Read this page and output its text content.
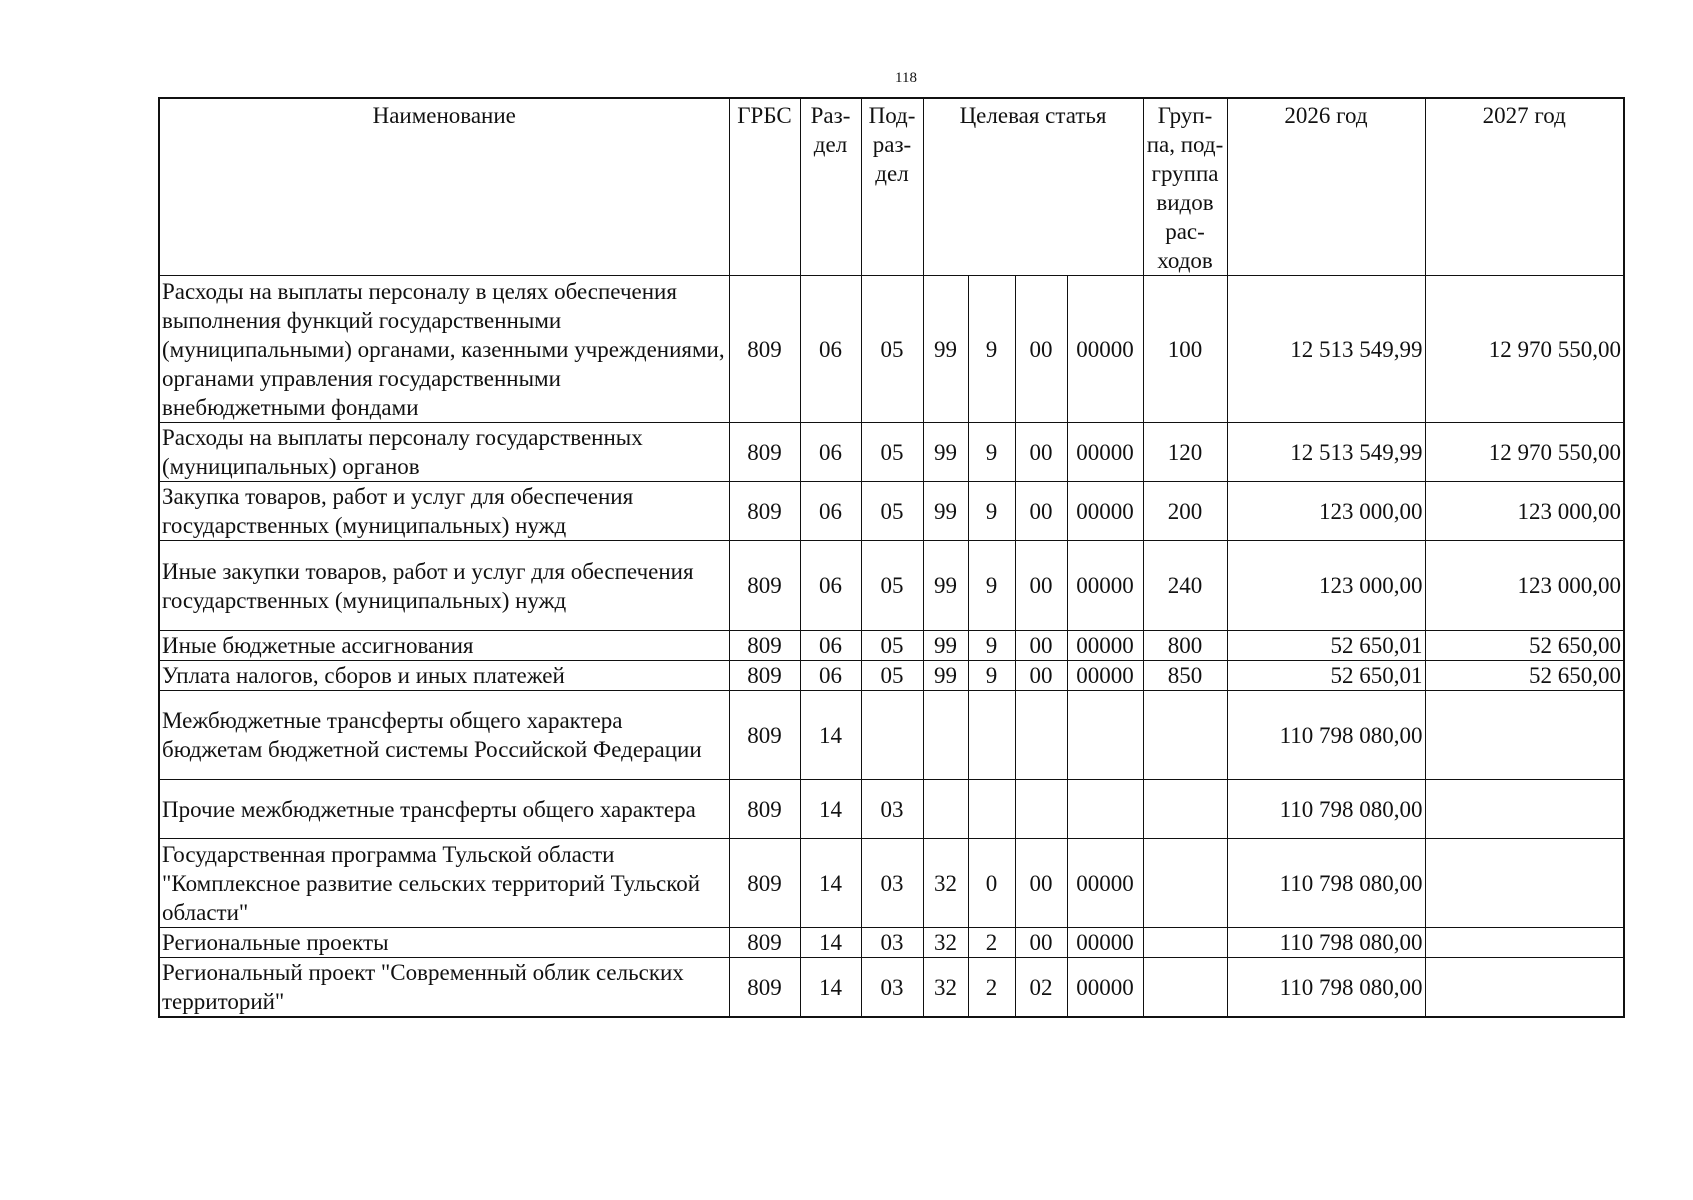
118
Наименование	ГРБС	Раз-дел	Под-раз-дел	Целевая статья				Груп-па, под-группа видов рас-ходов	2026 год	2027 год
Расходы на выплаты персоналу в целях обеспечения выполнения функций государственными (муниципальными) органами, казенными учреждениями, органами управления государственными внебюджетными фондами	809	06	05	99	9	00	00000	100	12 513 549,99	12 970 550,00
Расходы на выплаты персоналу государственных (муниципальных) органов	809	06	05	99	9	00	00000	120	12 513 549,99	12 970 550,00
Закупка товаров, работ и услуг для обеспечения государственных (муниципальных) нужд	809	06	05	99	9	00	00000	200	123 000,00	123 000,00
Иные закупки товаров, работ и услуг для обеспечения государственных (муниципальных) нужд	809	06	05	99	9	00	00000	240	123 000,00	123 000,00
Иные бюджетные ассигнования	809	06	05	99	9	00	00000	800	52 650,01	52 650,00
Уплата налогов, сборов и иных платежей	809	06	05	99	9	00	00000	850	52 650,01	52 650,00
Межбюджетные трансферты общего характера бюджетам бюджетной системы Российской Федерации	809	14							110 798 080,00	
Прочие межбюджетные трансферты общего характера	809	14	03						110 798 080,00	
Государственная программа Тульской области "Комплексное развитие сельских территорий Тульской области"	809	14	03	32	0	00	00000		110 798 080,00	
Региональные проекты	809	14	03	32	2	00	00000		110 798 080,00	
Региональный проект "Современный облик сельских территорий"	809	14	03	32	2	02	00000		110 798 080,00	
